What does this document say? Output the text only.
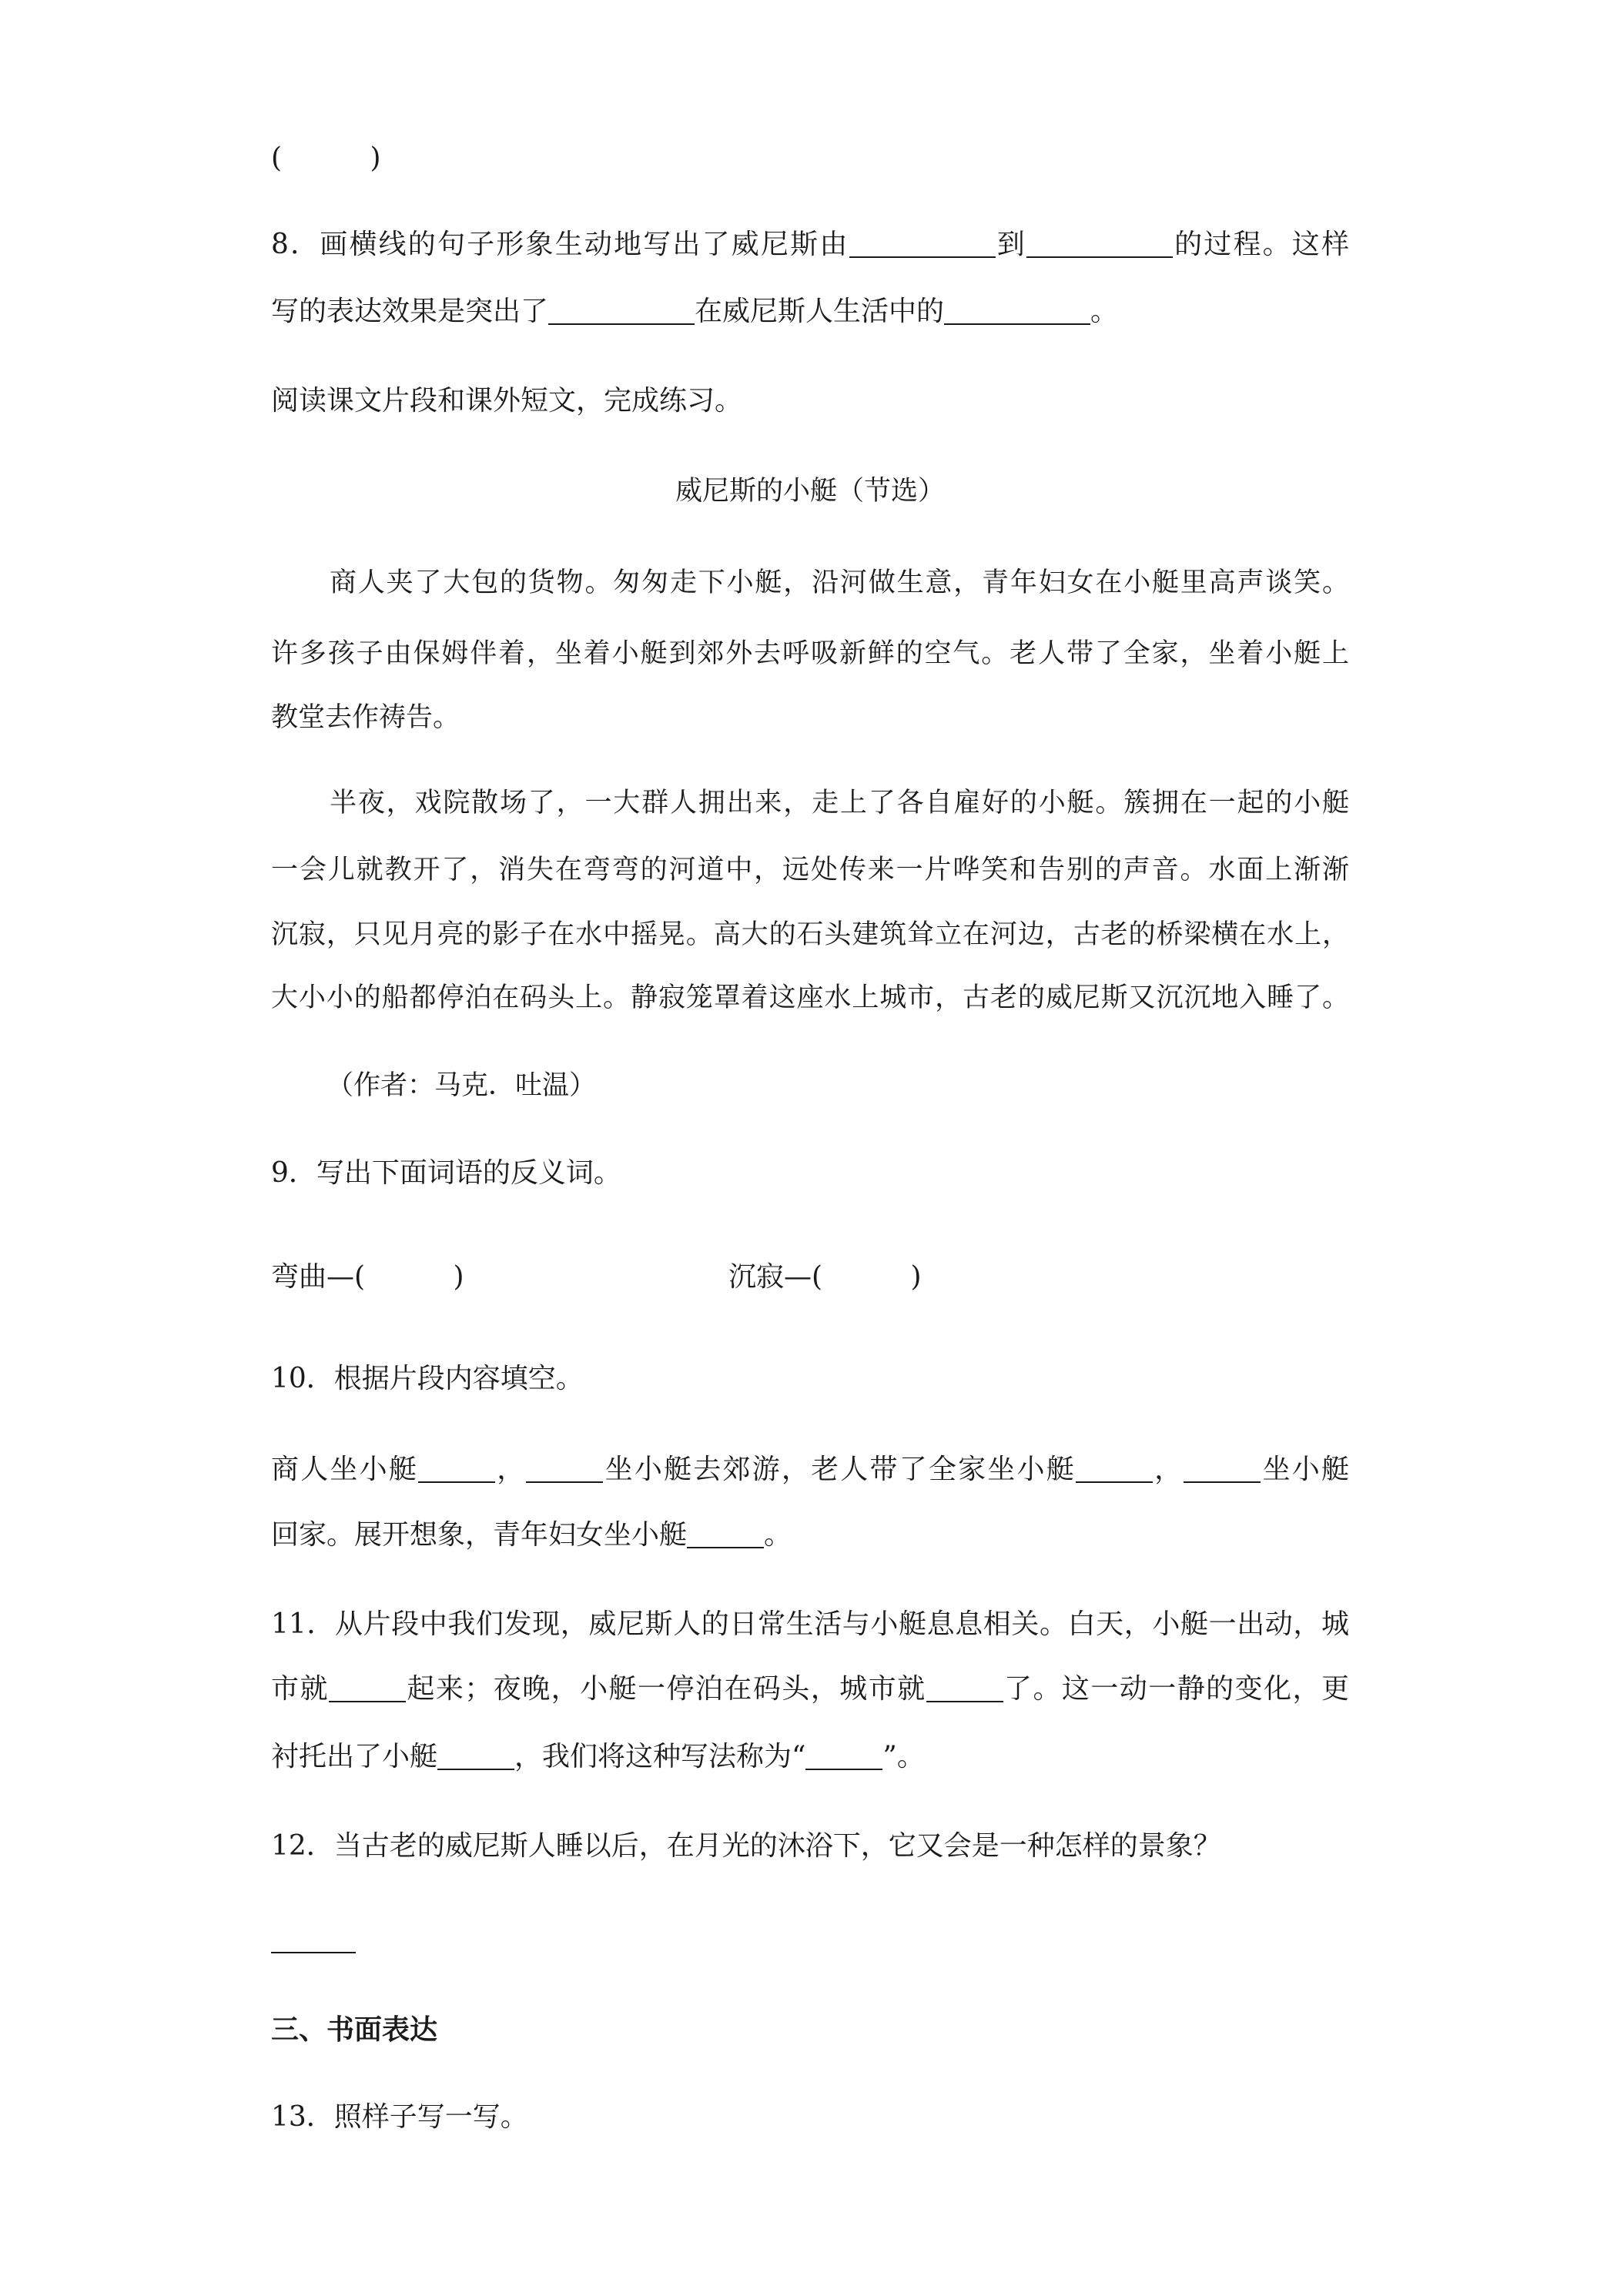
(          )
8．画横线的句子形象生动地写出了威尼斯由	到	的过程。这样
写的表达效果是突出了	在威尼斯人生活中的	。
阅读课文片段和课外短文，完成练习。
威尼斯的小艇（节选）
商人夹了大包的货物。匆匆走下小艇，沿河做生意，青年妇女在小艇里高声谈笑。
许多孩子由保姆伴着，坐着小艇到郊外去呼吸新鲜的空气。老人带了全家，坐着小艇上
教堂去作祷告。
半夜，戏院散场了，一大群人拥出来，走上了各自雇好的小艇。簇拥在一起的小艇
一会儿就教开了，消失在弯弯的河道中，远处传来一片哗笑和告别的声音。水面上渐渐
沉寂，只见月亮的影子在水中摇晃。高大的石头建筑耸立在河边，古老的桥梁横在水上，
大小小的船都停泊在码头上。静寂笼罩着这座水上城市，古老的威尼斯又沉沉地入睡了。
（作者：马克．吐温）
9．写出下面词语的反义词。
弯曲—(          )	沉寂—(          )
10．根据片段内容填空。
商人坐小艇	，	坐小艇去郊游，老人带了全家坐小艇	，	坐小艇
回家。展开想象，青年妇女坐小艇	。
11．从片段中我们发现，威尼斯人的日常生活与小艇息息相关。白天，小艇一出动，城
市就	起来；夜晚，小艇一停泊在码头，城市就	了。这一动一静的变化，更
衬托出了小艇	，我们将这种写法称为“	”。
12．当古老的威尼斯人睡以后，在月光的沐浴下，它又会是一种怎样的景象？
三、书面表达
13．照样子写一写。
